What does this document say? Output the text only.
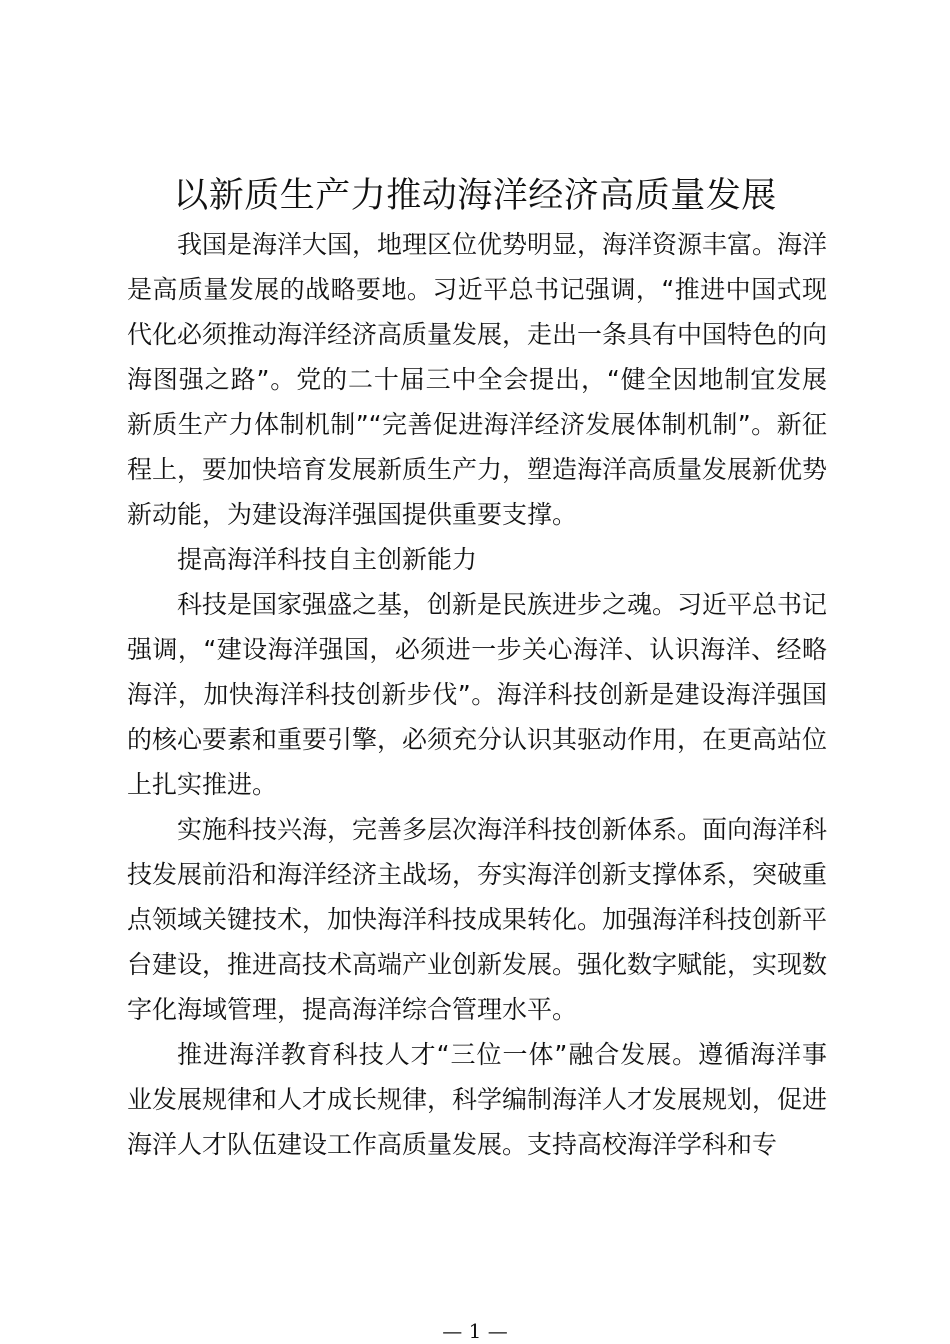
以新质生产力推动海洋经济高质量发展

我国是海洋大国，地理区位优势明显，海洋资源丰富。海洋是高质量发展的战略要地。习近平总书记强调，“推进中国式现代化必须推动海洋经济高质量发展，走出一条具有中国特色的向海图强之路”。党的二十届三中全会提出，“健全因地制宜发展新质生产力体制机制”“完善促进海洋经济发展体制机制”。新征程上，要加快培育发展新质生产力，塑造海洋高质量发展新优势新动能，为建设海洋强国提供重要支撑。

提高海洋科技自主创新能力

科技是国家强盛之基，创新是民族进步之魂。习近平总书记强调，“建设海洋强国，必须进一步关心海洋、认识海洋、经略海洋，加快海洋科技创新步伐”。海洋科技创新是建设海洋强国的核心要素和重要引擎，必须充分认识其驱动作用，在更高站位上扎实推进。

实施科技兴海，完善多层次海洋科技创新体系。面向海洋科技发展前沿和海洋经济主战场，夯实海洋创新支撑体系，突破重点领域关键技术，加快海洋科技成果转化。加强海洋科技创新平台建设，推进高技术高端产业创新发展。强化数字赋能，实现数字化海域管理，提高海洋综合管理水平。

推进海洋教育科技人才“三位一体”融合发展。遵循海洋事业发展规律和人才成长规律，科学编制海洋人才发展规划，促进海洋人才队伍建设工作高质量发展。支持高校海洋学科和专

— 1 —
